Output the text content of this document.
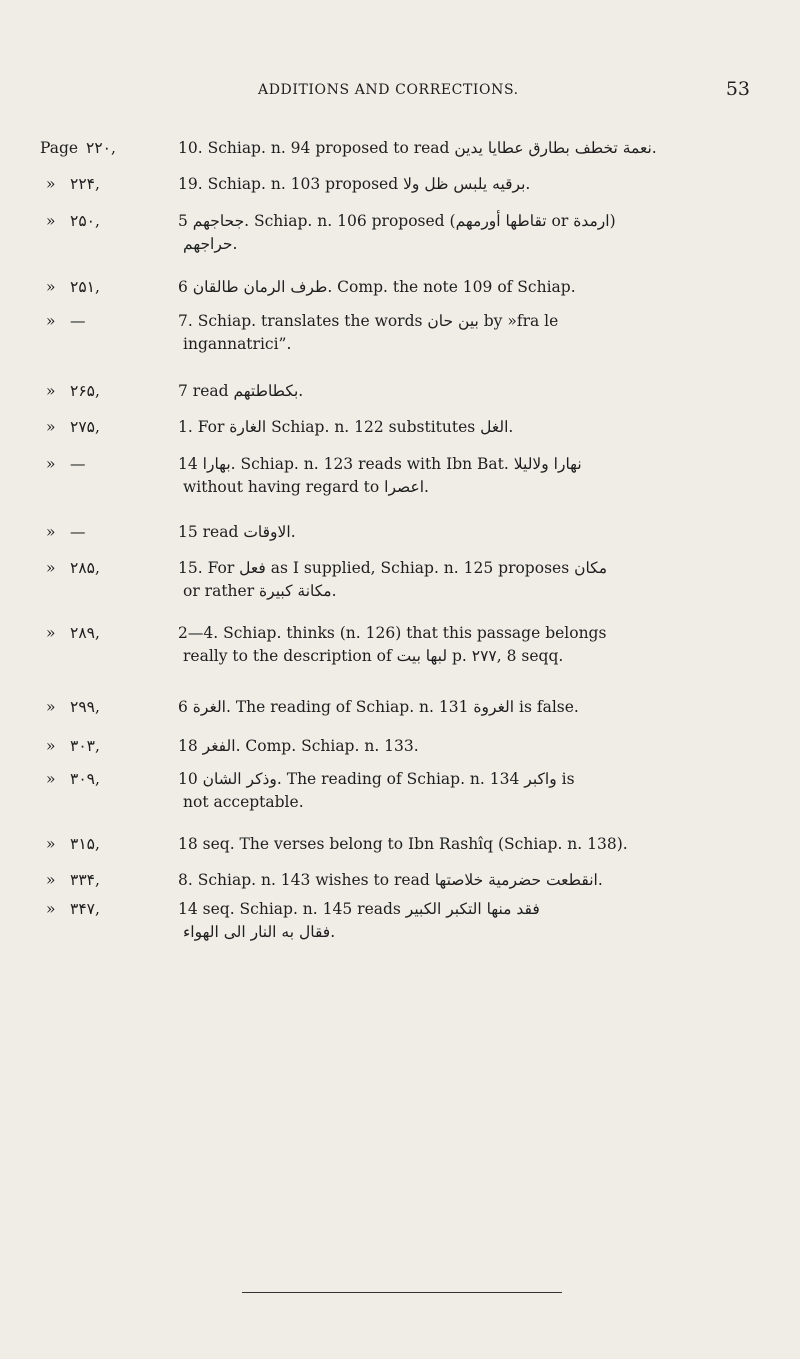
ADDITIONS AND CORRECTIONS.	53
Page ۲۲۰,	10. Schiap. n. 94 proposed to read ﻧﻌﻤﺔ ﺗﺨﻄﻒ ﺑﻄﺎﺭﻕ ﻋﻄﺎﻳﺎ ﻳﺪﻳﻦ.
» ۲۲۴,	19. Schiap. n. 103 proposed ﺑﺮﻗﻴﻪ ﻳﻠﺒﺲ ﻇﻞ ﻭﻻ.
» ۲۵۰,	5 ﺟﺤﺎﺟﻬﻢ. Schiap. n. 106 proposed (ﺗﻘﺎﻃﻬﺎ ﺃﻭﺭﻣﻬﻢ or ﺍﺭﻣﺪﺓ)
ﺣﺮﺍﺟﻬﻢ.
» ۲۵۱,	6 ﻃﺮﻑ ﺍﻟﺮﻣﺎﻥ ﻃﺎﻟﻘﺎﻥ. Comp. the note 109 of Schiap.
» —	7. Schiap. translates the words ﺑﻴﻦ ﺣﺎﻥ by »fra le
ingannatrici”.
» ۲۶۵,	7 read ﺑﻜﻄﺎﻃﺘﻬﻢ.
» ۲۷۵,	1. For ﺍﻟﻐﺎﺭﺓ Schiap. n. 122 substitutes ﺍﻟﻐﻞ.
» —	14 ﺑﻬﺎﺭﺍ. Schiap. n. 123 reads with Ibn Bat. ﻧﻬﺎﺭﺍ ﻭﻻﻟﻴﻼ
without having regard to ﺍﻋﺼﺮﺍ.
» —	15 read ﺍﻻﻭﻗﺎﺕ.
» ۲۸۵,	15. For ﻓﻌﻞ as I supplied, Schiap. n. 125 proposes ﻣﻜﺎﻥ
or rather ﻣﻜﺎﻧﺔ ﻛﺒﻴﺮﺓ.
» ۲۸۹,	2—4. Schiap. thinks (n. 126) that this passage belongs
really to the description of ﻟﺒﻬﺎ ﺑﻴﺖ p. ۲۷۷, 8 seqq.
» ۲۹۹,	6 ﺍﻟﻐﺮﺓ. The reading of Schiap. n. 131 ﺍﻟﻐﺮﻭﺓ is false.
» ۳۰۳,	18 ﺍﻟﻔﻐﺮ. Comp. Schiap. n. 133.
» ۳۰۹,	10 ﻭﺫﻛﺮ ﺍﻟﺸﺎﻥ. The reading of Schiap. n. 134 ﻭﺍﻛﺒﺮ is
not acceptable.
» ۳۱۵,	18 seq. The verses belong to Ibn Rashîq (Schiap. n. 138).
» ۳۳۴,	8. Schiap. n. 143 wishes to read ﺍﻧﻘﻄﻌﺖ ﺣﻀﺮﻣﻴﺔ ﺧﻼﺻﺘﻬﺎ.
» ۳۴۷,	14 seq. Schiap. n. 145 reads ﻓﻘﺪ ﻣﻨﻬﺎ ﺍﻟﺘﻜﺒﺮ ﺍﻟﻜﺒﻴﺮ
ﻓﻘﺎﻝ ﺑﻪ ﺍﻟﻨﺎﺭ ﺍﻟﻰ ﺍﻟﻬﻮﺍﺀ.
